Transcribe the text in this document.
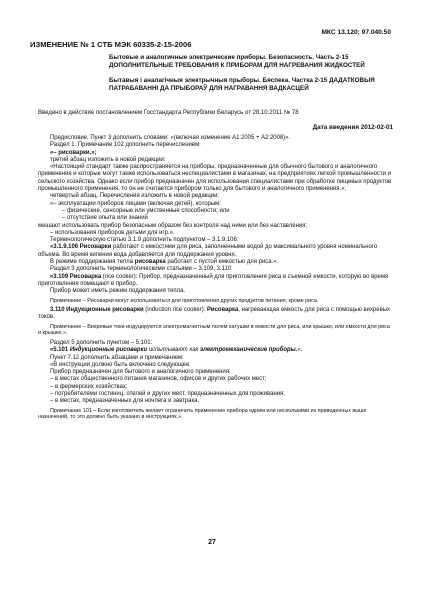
МКС 13.120; 97.040.50
ИЗМЕНЕНИЕ № 1 СТБ МЭК 60335-2-15-2006

Бытовые и аналогичные электрические приборы. Безопасность. Часть 2-15 ДОПОЛНИТЕЛЬНЫЕ ТРЕБОВАНИЯ К ПРИБОРАМ ДЛЯ НАГРЕВАНИЯ ЖИДКОСТЕЙ

Бытавыя і аналагічныя электрычныя прыборы. Бяспека. Частка 2-15 ДАДАТКОВЫЯ ПАТРАБАВАННІ ДА ПРЫБОРАЎ ДЛЯ НАГРАВАННЯ ВАДКАСЦЕЙ

Введено в действие постановлением Госстандарта Республики Беларусь от 28.10.2011 № 78
Дата введения 2012-02-01

Предисловие. Пункт 3 дополнить словами: «(включая изменение А1:2005 + А2:2008)».

Раздел 1. Примечание 102 дополнить перечислением:

«– рисоварки.»;

третий абзац изложить в новой редакции:

«Настоящий стандарт также распространяется на приборы, предназначенные для обычного бытового и аналогичного применения и которые могут также использоваться неспециалистами в магазинах, на предприятиях легкой промышленности и сельского хозяйства. Однако если прибор предназначен для использования специалистами при обработке пищевых продуктов промышленного применения, то он не считается прибором только для бытового и аналогичного применения.»;

четвертый абзац. Перечисления изложить в новой редакции:

«– эксплуатации приборов лицами (включая детей), которым:

– физические, сенсорные или умственные способности; или

– отсутствие опыта или знаний

мешают использовать прибор безопасным образом без контроля над ними или без наставления;

– использования приборов детьми для игр.».

Терминологическую статью 3.1.9 дополнить подпунктом – 3.1.9.106:

«3.1.9.106 Рисоварки работают с емкостями для риса, заполненными водой до максимального уровня номинального объема. Во время кипения вода добавляется для поддержания уровня.

В режиме поддержания тепла рисоварка работает с пустой емкостью для риса.».

Раздел 3 дополнить терминологическими статьями – 3.109, 3.110:

«3.109 Рисоварка (rice cooker): Прибор, предназначенный для приготовления риса в съемной емкости, которую во время приготовления помещают в прибор.

Прибор может иметь режим поддержания тепла.

Примечание – Рисоварки могут использоваться для приготовления других продуктов питания, кроме риса.

3.110 Индукционные рисоварки (induction rice cooker): Рисоварка, нагревающая емкость для риса с помощью вихревых токов.

Примечание – Вихревые токи индуцируются электромагнитным полем катушки в емкости для риса, или крышке, или емкости для риса и крышке.».

Раздел 5 дополнить пунктом – 5.101:

«5.101 Индукционные рисоварки испытывают как электромеханические приборы.».

Пункт 7.12 дополнить абзацами и примечанием:

«В инструкции должно быть включено следующее.

Прибор предназначен для бытового и аналогичного применения:

– в местах общественного питания магазинов, офисов и других рабочих мест;

– в фермерских хозяйствах;

– потребителями гостиниц, отелей и других мест, предназначенных для проживания;

– в местах, предназначенных для ночлега и завтрака.

Примечание 101 – Если изготовитель желает ограничить применение прибора одним или несколькими из приведенных выше назначений, то это должно быть указано в инструкциях.».

27
